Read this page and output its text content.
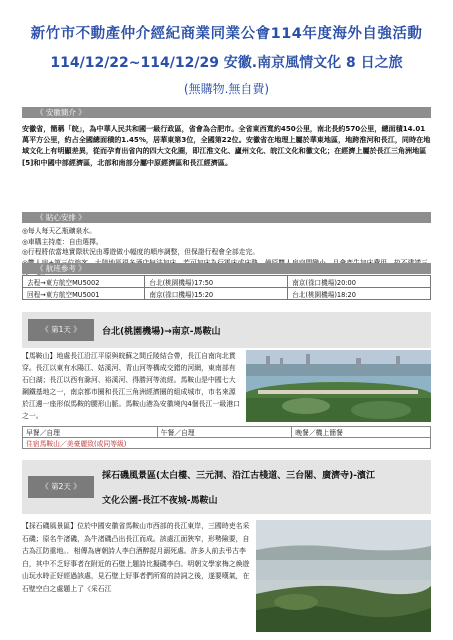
新竹市不動產仲介經紀商業同業公會114年度海外自強活動
114/12/22~114/12/29 安徽.南京風情文化 8 日之旅
(無購物.無自費)
《 安徽簡介 》
安徽省，簡稱「皖」，為中華人民共和國一級行政區，省會為合肥市。全省東西寬約450公里，南北長約570公里，總面積14.01萬平方公里，約占全國總面積的1.45%，居華東第3位，全國第22位。安徽省在地理上屬於華東地區，地跨淮河和長江，同時在地域文化上有明顯差異，從而孕育出省內的四大文化圈，即江淮文化、廬州文化、皖江文化和徽文化；在經濟上屬於長江三角洲地區[5]和中國中部經濟區，北部和南部分屬中原經濟區和長江經濟區。
《 貼心安排 》
◎每人每天乙瓶礦泉水。
◎車購主持產：自由選擇。
◎行程將依當地實際狀況由導遊做小幅度的順序調整，但保證行程會全部走完。
《 航班參考 》
去程→東方航空MU5002	台北(桃園機場)17:50	南京(祿口機場)20:00
回程→東方航空MU5001	南京(祿口機場)15:20	台北(桃園機場)18:20
《 第1天 》	台北(桃園機場)→南京-馬鞍山
【馬鞍山】地處長江沿江平原與皖蘇之間丘陵結合帶，長江自南向北貫穿。長江以東有水陽江、姑溪河、青山河等構成交錯的河網，東南部有石臼湖；長江以西有滁河、裕溪河、得勝河等流經。馬鞍山是中國七大鋼鐵基地之一，南京都市圈和長江三角洲經濟圈的組成城市，市名來源於江邊一座形似馬鞍的腰形山脈。馬鞍山港為安徽境內4個長江一級港口之一。
早餐／自理	午餐／自理	晚餐／機上簡餐
住宿馬鞍山／美豪麗致(或同等級)
《 第2天 》
採石磯風景區(太白樓、三元洞、沿江古棧道、三台閣、廣濟寺)-濱江
文化公園-長江不夜城-馬鞍山
【採石磯風景區】位於中國安徽省馬鞍山市西部的長江東岸，三國時吏名采石磯；原名牛渚磯，為牛渚磯凸出長江而成。該處江面狹窄，形勢險要，自古為江防重地。．相傳為唐朝詩人李白酒醉捉月溺死處。許多人前去弔古李白，其中不乏好事者在附近的石壁上題詩比擬磯李白。明朝文學家梅之煥遊山玩水時正好經過該處，見石壁上好事者們所寫的詩詞之後，遂要嘆氣，在石壁空白之處題上了《采石江
